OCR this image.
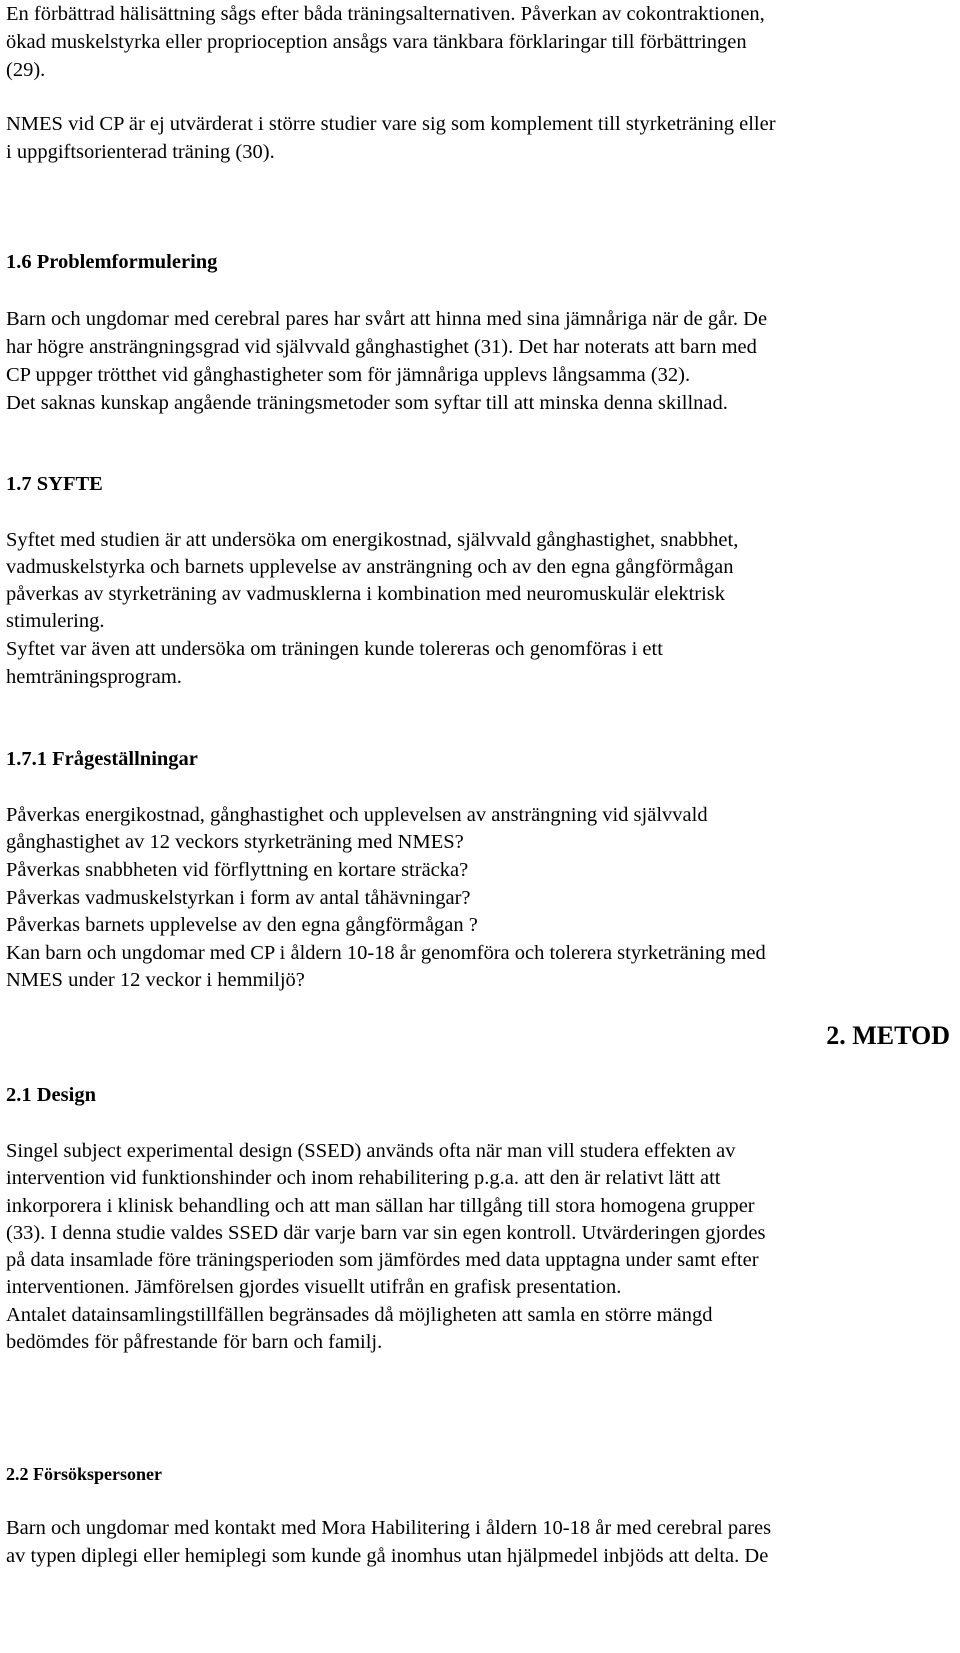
En förbättrad hälisättning sågs efter båda träningsalternativen. Påverkan av cokontraktionen,

ökad muskelstyrka eller proprioception ansågs vara tänkbara förklaringar till förbättringen

(29).

NMES vid CP är ej utvärderat i större studier vare sig som komplement till styrketräning eller

i uppgiftsorienterad träning (30).

1.6 Problemformulering

Barn och ungdomar med cerebral pares har svårt att hinna med sina jämnåriga när de går. De

har högre ansträngningsgrad vid självvald gånghastighet (31). Det har noterats att barn med

CP uppger trötthet vid gånghastigheter som för jämnåriga upplevs långsamma (32).

Det saknas kunskap angående träningsmetoder som syftar till att minska denna skillnad.

1.7 SYFTE

Syftet med studien är att undersöka om energikostnad, självvald gånghastighet, snabbhet,

vadmuskelstyrka och barnets upplevelse av ansträngning och av den egna gångförmågan

påverkas av styrketräning av vadmusklerna i kombination med neuromuskulär elektrisk

stimulering.

Syftet var även att undersöka om träningen kunde tolereras och genomföras i ett

hemträningsprogram.

1.7.1 Frågeställningar

Påverkas energikostnad, gånghastighet och upplevelsen av ansträngning vid självvald

gånghastighet av 12 veckors styrketräning med NMES?

Påverkas snabbheten vid förflyttning en kortare sträcka?

Påverkas vadmuskelstyrkan i form av antal tåhävningar?

Påverkas barnets upplevelse av den egna gångförmågan ?

Kan barn och ungdomar med CP i åldern 10-18 år genomföra och tolerera styrketräning med

NMES under 12 veckor i hemmiljö?

2. METOD
2.1 Design

Singel subject experimental design (SSED) används ofta när man vill studera effekten av

intervention vid funktionshinder och inom rehabilitering p.g.a. att den är relativt lätt att

inkorporera i klinisk behandling och att man sällan har tillgång till stora homogena grupper

(33). I denna studie valdes SSED där varje barn var sin egen kontroll. Utvärderingen gjordes

på data insamlade före träningsperioden som jämfördes med data upptagna under samt efter

interventionen. Jämförelsen gjordes visuellt utifrån en grafisk presentation.

Antalet datainsamlingstillfällen begränsades då möjligheten att samla en större mängd

bedömdes för påfrestande för barn och familj.

2.2 Försökspersoner

Barn och ungdomar med kontakt med Mora Habilitering i åldern 10-18 år med cerebral pares

av typen diplegi eller hemiplegi som kunde gå inomhus utan hjälpmedel inbjöds att delta. De
